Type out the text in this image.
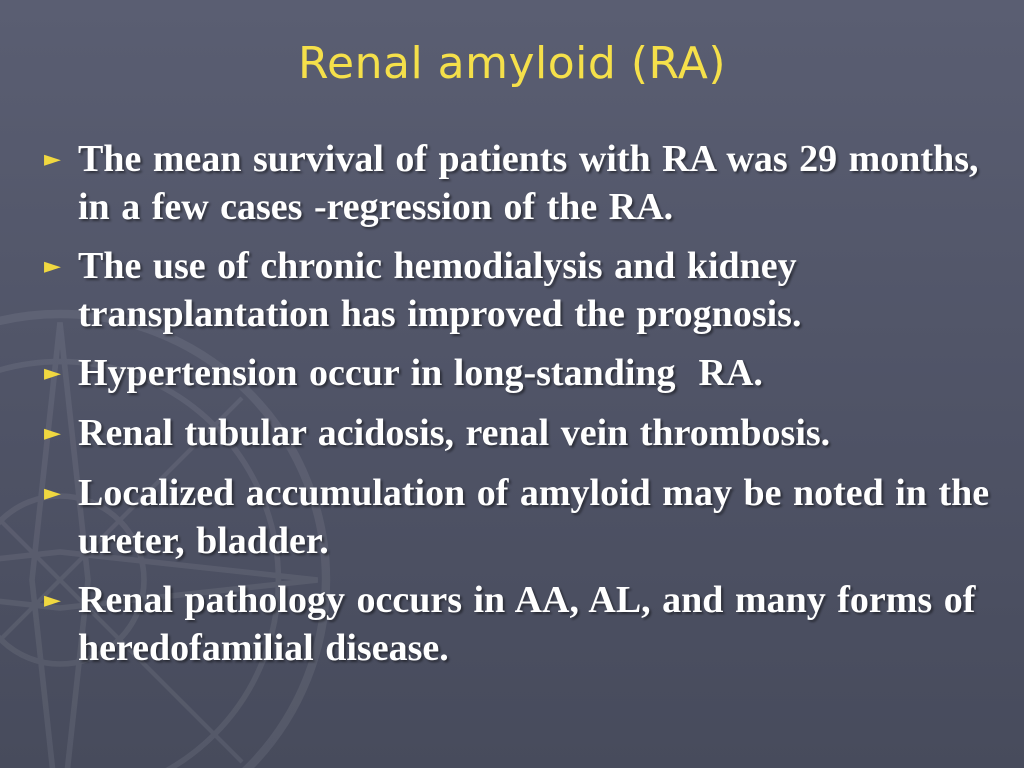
Renal amyloid (RA)
► The mean survival of patients with RA was 29 months, in a few cases -regression of the RA.
► The use of chronic hemodialysis and kidney transplantation has improved the prognosis.
► Hypertension occur in long-standing  RA.
► Renal tubular acidosis, renal vein thrombosis.
► Localized accumulation of amyloid may be noted in the ureter, bladder.
► Renal pathology occurs in AA, AL, and many forms of heredofamilial disease.
